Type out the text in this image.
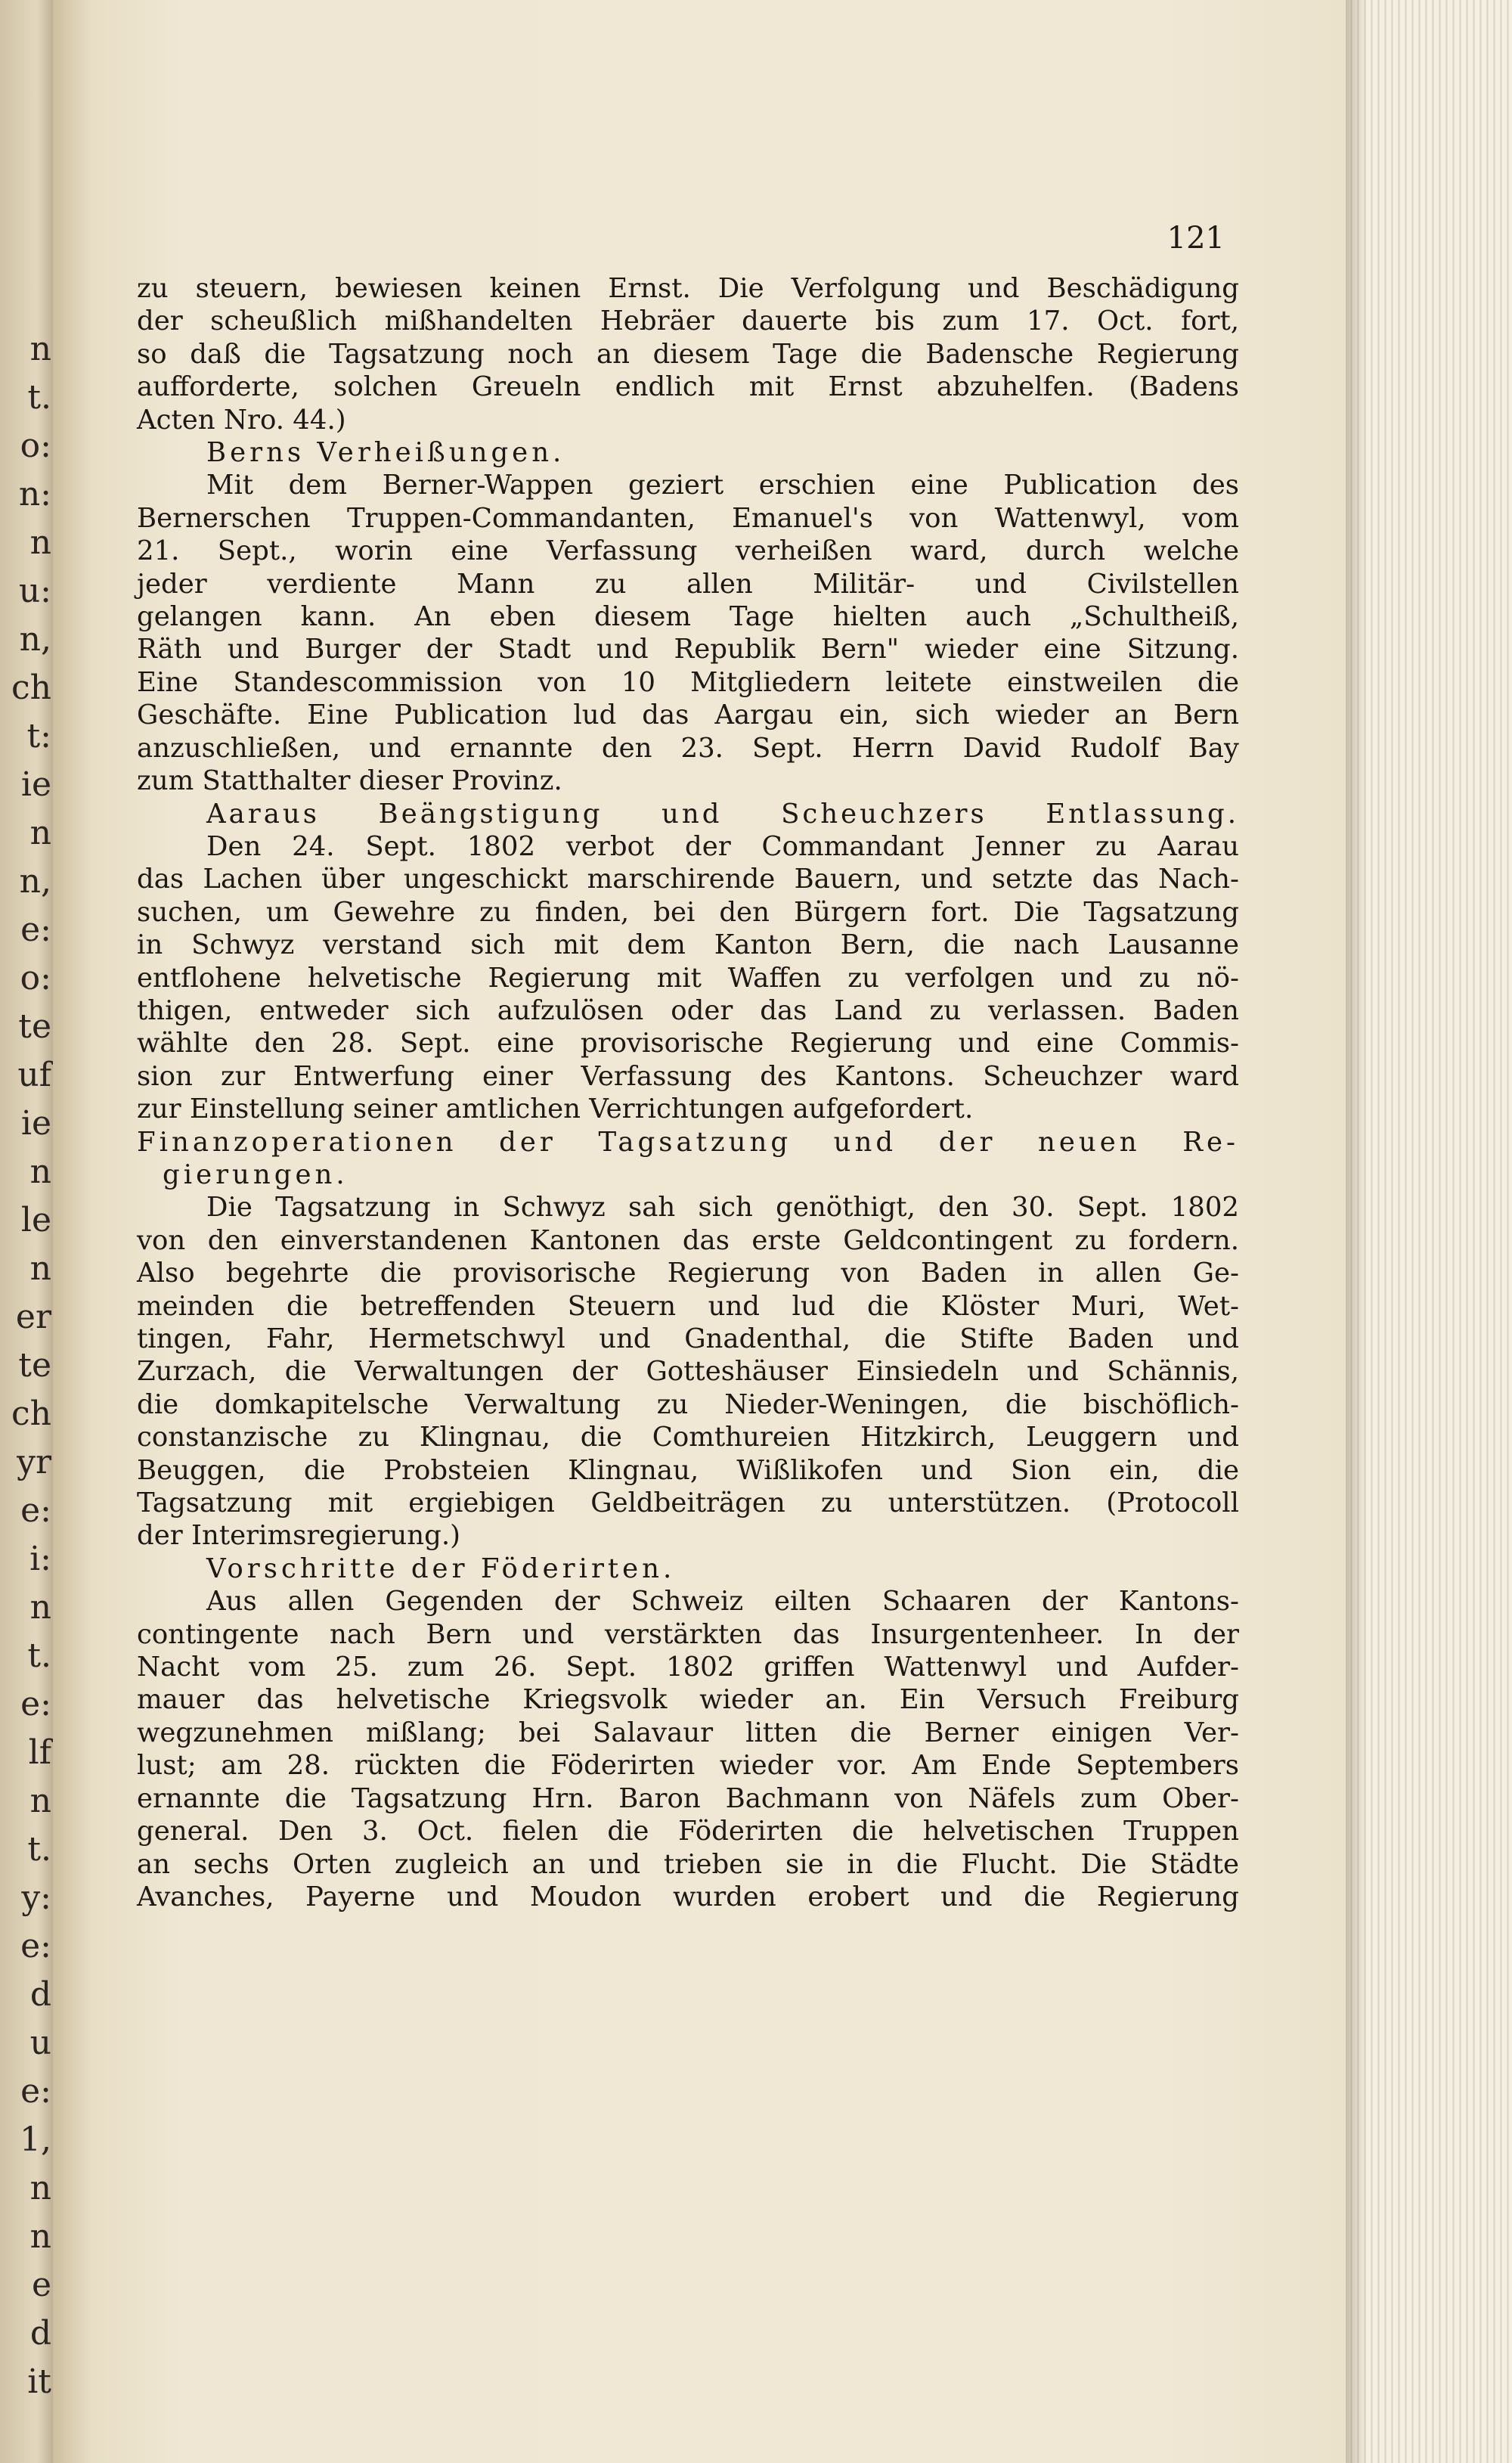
n
t.
o:
n:
n
u:
n,
ch
t:
ie
n
n,
e:
o:
te
uf
ie
n
le
n
er
te
ch
yr
e:
i:
n
t.
e:
lf
n
t.
y:
e:
d
u
e:
1,
n
n
e
d
it
121
zu steuern, bewiesen keinen Ernst. Die Verfolgung und Beschädigung
der scheußlich mißhandelten Hebräer dauerte bis zum 17. Oct. fort,
so daß die Tagsatzung noch an diesem Tage die Badensche Regierung
aufforderte, solchen Greueln endlich mit Ernst abzuhelfen. (Badens
Acten Nro. 44.)
Berns Verheißungen.
Mit dem Berner-Wappen geziert erschien eine Publication des
Bernerschen Truppen-Commandanten, Emanuel's von Wattenwyl, vom
21. Sept., worin eine Verfassung verheißen ward, durch welche
jeder verdiente Mann zu allen Militär- und Civilstellen
gelangen kann. An eben diesem Tage hielten auch „Schultheiß,
Räth und Burger der Stadt und Republik Bern" wieder eine Sitzung.
Eine Standescommission von 10 Mitgliedern leitete einstweilen die
Geschäfte. Eine Publication lud das Aargau ein, sich wieder an Bern
anzuschließen, und ernannte den 23. Sept. Herrn David Rudolf Bay
zum Statthalter dieser Provinz.
Aaraus Beängstigung und Scheuchzers Entlassung.
Den 24. Sept. 1802 verbot der Commandant Jenner zu Aarau
das Lachen über ungeschickt marschirende Bauern, und setzte das Nach-
suchen, um Gewehre zu finden, bei den Bürgern fort. Die Tagsatzung
in Schwyz verstand sich mit dem Kanton Bern, die nach Lausanne
entflohene helvetische Regierung mit Waffen zu verfolgen und zu nö-
thigen, entweder sich aufzulösen oder das Land zu verlassen. Baden
wählte den 28. Sept. eine provisorische Regierung und eine Commis-
sion zur Entwerfung einer Verfassung des Kantons. Scheuchzer ward
zur Einstellung seiner amtlichen Verrichtungen aufgefordert.
Finanzoperationen der Tagsatzung und der neuen Re-
gierungen.
Die Tagsatzung in Schwyz sah sich genöthigt, den 30. Sept. 1802
von den einverstandenen Kantonen das erste Geldcontingent zu fordern.
Also begehrte die provisorische Regierung von Baden in allen Ge-
meinden die betreffenden Steuern und lud die Klöster Muri, Wet-
tingen, Fahr, Hermetschwyl und Gnadenthal, die Stifte Baden und
Zurzach, die Verwaltungen der Gotteshäuser Einsiedeln und Schännis,
die domkapitelsche Verwaltung zu Nieder-Weningen, die bischöflich-
constanzische zu Klingnau, die Comthureien Hitzkirch, Leuggern und
Beuggen, die Probsteien Klingnau, Wißlikofen und Sion ein, die
Tagsatzung mit ergiebigen Geldbeiträgen zu unterstützen. (Protocoll
der Interimsregierung.)
Vorschritte der Föderirten.
Aus allen Gegenden der Schweiz eilten Schaaren der Kantons-
contingente nach Bern und verstärkten das Insurgentenheer. In der
Nacht vom 25. zum 26. Sept. 1802 griffen Wattenwyl und Aufder-
mauer das helvetische Kriegsvolk wieder an. Ein Versuch Freiburg
wegzunehmen mißlang; bei Salavaur litten die Berner einigen Ver-
lust; am 28. rückten die Föderirten wieder vor. Am Ende Septembers
ernannte die Tagsatzung Hrn. Baron Bachmann von Näfels zum Ober-
general. Den 3. Oct. fielen die Föderirten die helvetischen Truppen
an sechs Orten zugleich an und trieben sie in die Flucht. Die Städte
Avanches, Payerne und Moudon wurden erobert und die Regierung
